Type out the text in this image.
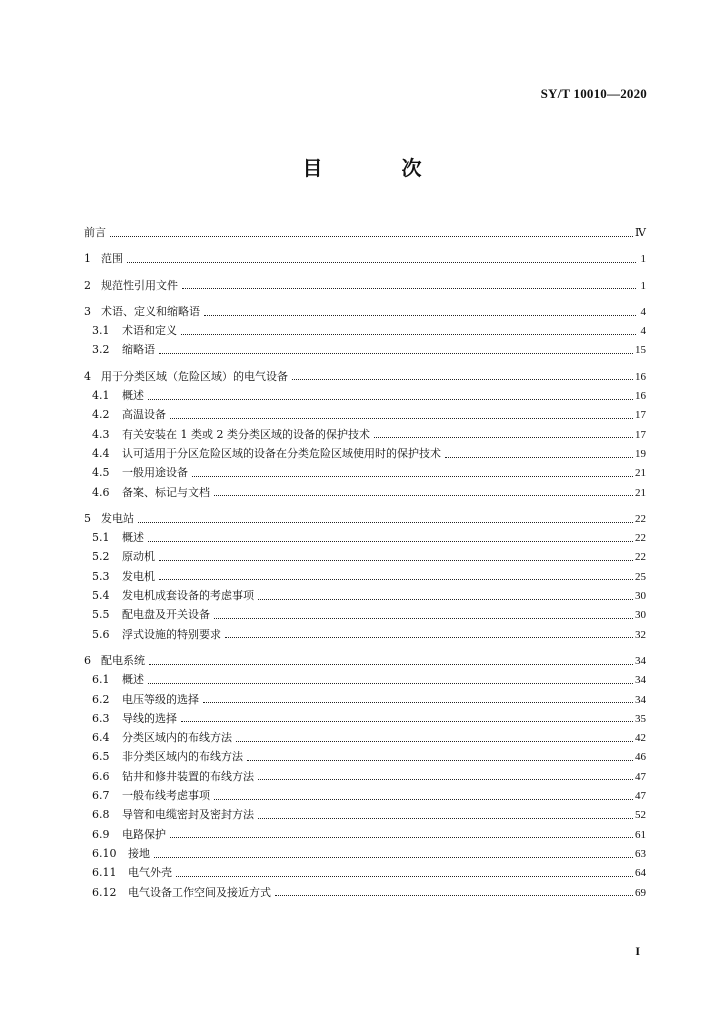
SY/T 10010—2020
目 次
前言	Ⅳ
1 范围	1
2 规范性引用文件	1
3 术语、定义和缩略语	4
3.1	术语和定义	4
3.2	缩略语	15
4 用于分类区域（危险区域）的电气设备	16
4.1	概述	16
4.2	高温设备	17
4.3	有关安装在 1 类或 2 类分类区域的设备的保护技术	17
4.4	认可适用于分区危险区域的设备在分类危险区域使用时的保护技术	19
4.5	一般用途设备	21
4.6	备案、标记与文档	21
5 发电站	22
5.1	概述	22
5.2	原动机	22
5.3	发电机	25
5.4	发电机成套设备的考虑事项	30
5.5	配电盘及开关设备	30
5.6	浮式设施的特别要求	32
6 配电系统	34
6.1	概述	34
6.2	电压等级的选择	34
6.3	导线的选择	35
6.4	分类区域内的布线方法	42
6.5	非分类区域内的布线方法	46
6.6	钻井和修井装置的布线方法	47
6.7	一般布线考虑事项	47
6.8	导管和电缆密封及密封方法	52
6.9	电路保护	61
6.10	接地	63
6.11	电气外壳	64
6.12	电气设备工作空间及接近方式	69
I
